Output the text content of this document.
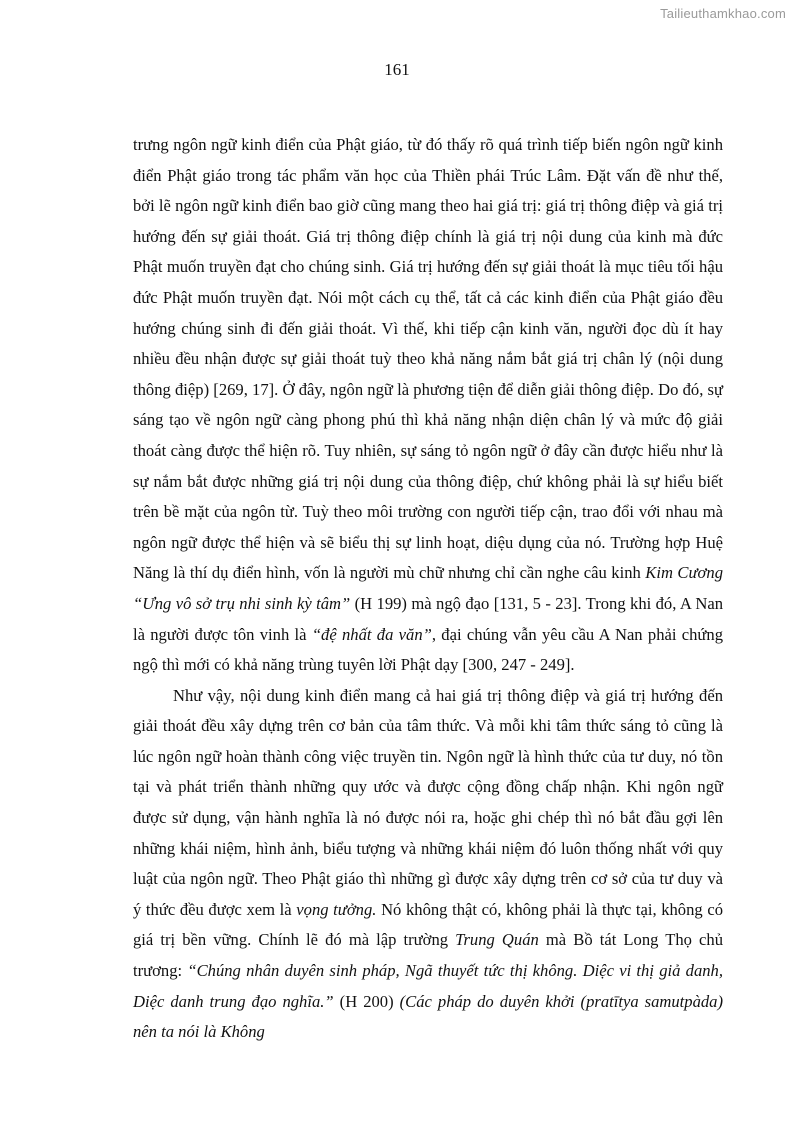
Tailieuthamkhao.com
161

trưng ngôn ngữ kinh điển của Phật giáo, từ đó thấy rõ quá trình tiếp biến ngôn ngữ kinh điển Phật giáo trong tác phẩm văn học của Thiền phái Trúc Lâm. Đặt vấn đề như thế, bởi lẽ ngôn ngữ kinh điển bao giờ cũng mang theo hai giá trị: giá trị thông điệp và giá trị hướng đến sự giải thoát. Giá trị thông điệp chính là giá trị nội dung của kinh mà đức Phật muốn truyền đạt cho chúng sinh. Giá trị hướng đến sự giải thoát là mục tiêu tối hậu đức Phật muốn truyền đạt. Nói một cách cụ thể, tất cả các kinh điển của Phật giáo đều hướng chúng sinh đi đến giải thoát. Vì thế, khi tiếp cận kinh văn, người đọc dù ít hay nhiều đều nhận được sự giải thoát tuỳ theo khả năng nắm bắt giá trị chân lý (nội dung thông điệp) [269, 17]. Ở đây, ngôn ngữ là phương tiện để diễn giải thông điệp. Do đó, sự sáng tạo về ngôn ngữ càng phong phú thì khả năng nhận diện chân lý và mức độ giải thoát càng được thể hiện rõ. Tuy nhiên, sự sáng tỏ ngôn ngữ ở đây cần được hiểu như là sự nắm bắt được những giá trị nội dung của thông điệp, chứ không phải là sự hiểu biết trên bề mặt của ngôn từ. Tuỳ theo môi trường con người tiếp cận, trao đổi với nhau mà ngôn ngữ được thể hiện và sẽ biểu thị sự linh hoạt, diệu dụng của nó. Trường hợp Huệ Năng là thí dụ điển hình, vốn là người mù chữ nhưng chỉ cần nghe câu kinh Kim Cương “Ưng vô sở trụ nhi sinh kỳ tâm” (H 199) mà ngộ đạo [131, 5 - 23]. Trong khi đó, A Nan là người được tôn vinh là “đệ nhất đa văn”, đại chúng vẫn yêu cầu A Nan phải chứng ngộ thì mới có khả năng trùng tuyên lời Phật dạy [300, 247 - 249].

Như vậy, nội dung kinh điển mang cả hai giá trị thông điệp và giá trị hướng đến giải thoát đều xây dựng trên cơ bản của tâm thức. Và mỗi khi tâm thức sáng tỏ cũng là lúc ngôn ngữ hoàn thành công việc truyền tin. Ngôn ngữ là hình thức của tư duy, nó tồn tại và phát triển thành những quy ước và được cộng đồng chấp nhận. Khi ngôn ngữ được sử dụng, vận hành nghĩa là nó được nói ra, hoặc ghi chép thì nó bắt đầu gợi lên những khái niệm, hình ảnh, biểu tượng và những khái niệm đó luôn thống nhất với quy luật của ngôn ngữ. Theo Phật giáo thì những gì được xây dựng trên cơ sở của tư duy và ý thức đều được xem là vọng tưởng. Nó không thật có, không phải là thực tại, không có giá trị bền vững. Chính lẽ đó mà lập trường Trung Quán mà Bồ tát Long Thọ chủ trương: “Chúng nhân duyên sinh pháp, Ngã thuyết tức thị không. Diệc vi thị giả danh, Diệc danh trung đạo nghĩa.” (H 200) (Các pháp do duyên khởi (pratītya samutpàda) nên ta nói là Không
